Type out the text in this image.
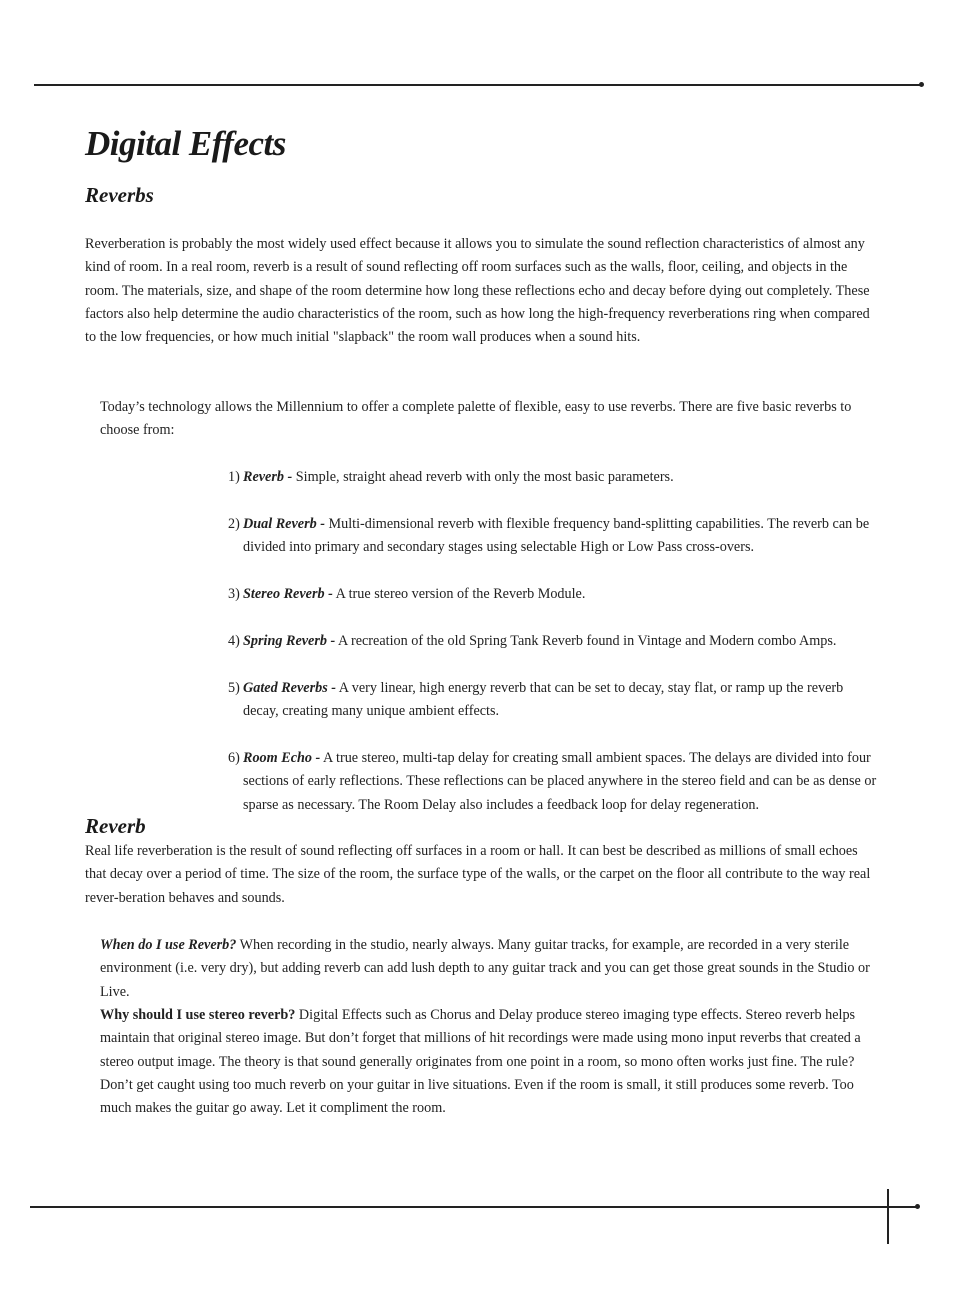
Digital Effects
Reverbs

Reverberation is probably the most widely used effect because it allows you to simulate the sound reflection characteristics of almost any kind of room. In a real room, reverb is a result of sound reflecting off room surfaces such as the walls, floor, ceiling, and objects in the room. The materials, size, and shape of the room determine how long these reflections echo and decay before dying out completely. These factors also help determine the audio characteristics of the room, such as how long the high-frequency reverberations ring when compared to the low frequencies, or how much initial "slapback" the room wall produces when a sound hits.

Today’s technology allows the Millennium to offer a complete palette of flexible, easy to use reverbs. There are five basic reverbs to choose from:

1) Reverb - Simple, straight ahead reverb with only the most basic parameters.
2) Dual Reverb - Multi-dimensional reverb with flexible frequency band-splitting capabilities. The reverb can be divided into primary and secondary stages using selectable High or Low Pass cross-overs.
3) Stereo Reverb - A true stereo version of the Reverb Module.
4) Spring Reverb - A recreation of the old Spring Tank Reverb found in Vintage and Modern combo Amps.
5) Gated Reverbs - A very linear, high energy reverb that can be set to decay, stay flat, or ramp up the reverb decay, creating many unique ambient effects.
6) Room Echo - A true stereo, multi-tap delay for creating small ambient spaces. The delays are divided into four sections of early reflections. These reflections can be placed anywhere in the stereo field and can be as dense or sparse as necessary. The Room Delay also includes a feedback loop for delay regeneration.
Reverb

Real life reverberation is the result of sound reflecting off surfaces in a room or hall. It can best be described as millions of small echoes that decay over a period of time. The size of the room, the surface type of the walls, or the carpet on the floor all contribute to the way real rever-beration behaves and sounds.

When do I use Reverb? When recording in the studio, nearly always. Many guitar tracks, for example, are recorded in a very sterile environment (i.e. very dry), but adding reverb can add lush depth to any guitar track and you can get those great sounds in the Studio or Live.

Why should I use stereo reverb? Digital Effects such as Chorus and Delay produce stereo imaging type effects. Stereo reverb helps maintain that original stereo image. But don’t forget that millions of hit recordings were made using mono input reverbs that created a stereo output image. The theory is that sound generally originates from one point in a room, so mono often works just fine. The rule? Don’t get caught using too much reverb on your guitar in live situations. Even if the room is small, it still produces some reverb. Too much makes the guitar go away. Let it compliment the room.
